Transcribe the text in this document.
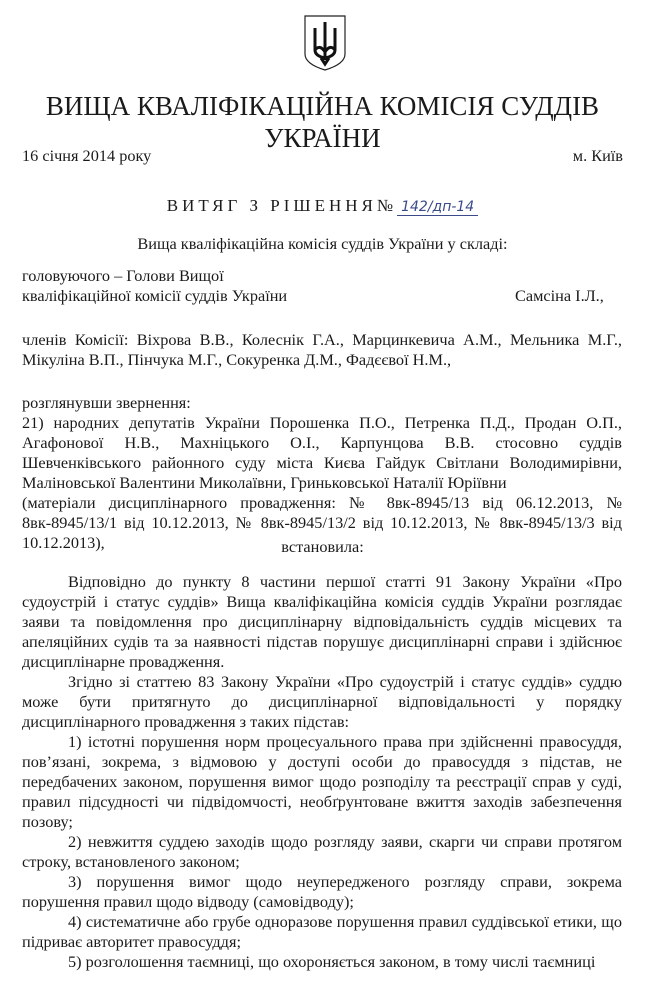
ВИЩА КВАЛІФІКАЦІЙНА КОМІСІЯ СУДДІВ УКРАЇНИ
16 січня 2014 року	м. Київ
ВИТЯГ З РІШЕННЯ№ 142/дп-14
Вища кваліфікаційна комісія суддів України у складі:
головуючого – Голови Вищої
кваліфікаційної комісії суддів України	Самсіна І.Л.,
членів Комісії: Віхрова В.В., Колеснік Г.А., Марцинкевича А.М., Мельника М.Г., Мікуліна В.П., Пінчука М.Г., Сокуренка Д.М., Фадєєвої Н.М.,
розглянувши звернення:
21) народних депутатів України Порошенка П.О., Петренка П.Д., Продан О.П., Агафонової Н.В., Махніцького О.І., Карпунцова В.В. стосовно суддів Шевченківського районного суду міста Києва Гайдук Світлани Володимирівни, Маліновської Валентини Миколаївни, Гриньковської Наталії Юріївни
(матеріали дисциплінарного провадження: № 8вк-8945/13 від 06.12.2013, № 8вк-8945/13/1 від 10.12.2013, № 8вк-8945/13/2 від 10.12.2013, № 8вк-8945/13/3 від 10.12.2013),	встановила:

Відповідно до пункту 8 частини першої статті 91 Закону України «Про судоустрій і статус суддів» Вища кваліфікаційна комісія суддів України розглядає заяви та повідомлення про дисциплінарну відповідальність суддів місцевих та апеляційних судів та за наявності підстав порушує дисциплінарні справи і здійснює дисциплінарне провадження.

Згідно зі статтею 83 Закону України «Про судоустрій і статус суддів» суддю може бути притягнуто до дисциплінарної відповідальності у порядку дисциплінарного провадження з таких підстав:

1) істотні порушення норм процесуального права при здійсненні правосуддя, пов’язані, зокрема, з відмовою у доступі особи до правосуддя з підстав, не передбачених законом, порушення вимог щодо розподілу та реєстрації справ у суді, правил підсудності чи підвідомчості, необґрунтоване вжиття заходів забезпечення позову;

2) невжиття суддею заходів щодо розгляду заяви, скарги чи справи протягом строку, встановленого законом;

3) порушення вимог щодо неупередженого розгляду справи, зокрема порушення правил щодо відводу (самовідводу);

4) систематичне або грубе одноразове порушення правил суддівської етики, що підриває авторитет правосуддя;

5) розголошення таємниці, що охороняється законом, в тому числі таємниці
